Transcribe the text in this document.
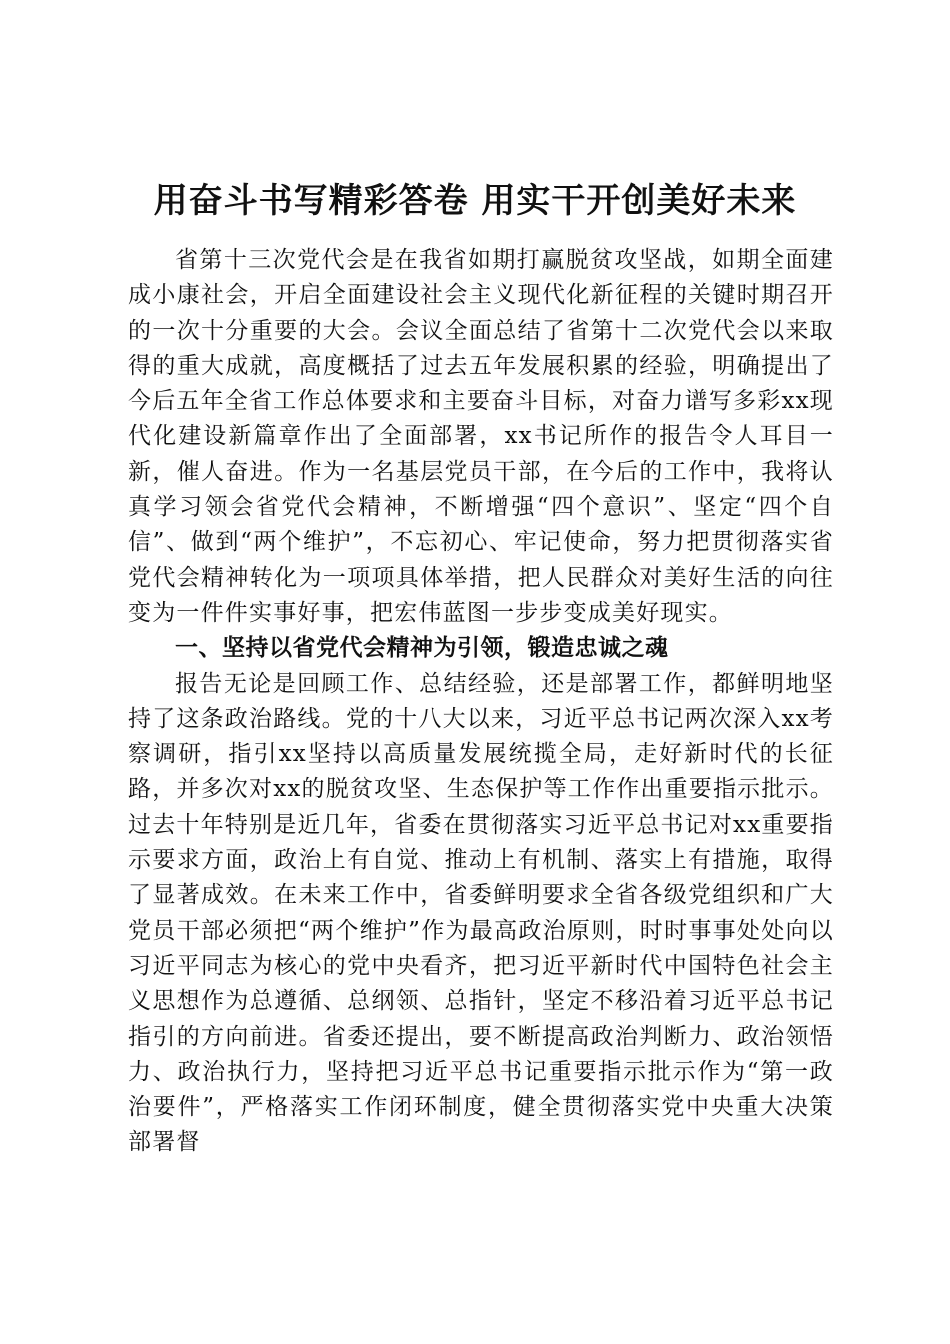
用奋斗书写精彩答卷 用实干开创美好未来

省第十三次党代会是在我省如期打赢脱贫攻坚战，如期全面建成小康社会，开启全面建设社会主义现代化新征程的关键时期召开的一次十分重要的大会。会议全面总结了省第十二次党代会以来取得的重大成就，高度概括了过去五年发展积累的经验，明确提出了今后五年全省工作总体要求和主要奋斗目标，对奋力谱写多彩xx现代化建设新篇章作出了全面部署，xx书记所作的报告令人耳目一新，催人奋进。作为一名基层党员干部，在今后的工作中，我将认真学习领会省党代会精神，不断增强“四个意识”、坚定“四个自信”、做到“两个维护”，不忘初心、牢记使命，努力把贯彻落实省党代会精神转化为一项项具体举措，把人民群众对美好生活的向往变为一件件实事好事，把宏伟蓝图一步步变成美好现实。

一、坚持以省党代会精神为引领，锻造忠诚之魂

报告无论是回顾工作、总结经验，还是部署工作，都鲜明地坚持了这条政治路线。党的十八大以来，习近平总书记两次深入xx考察调研，指引xx坚持以高质量发展统揽全局，走好新时代的长征路，并多次对xx的脱贫攻坚、生态保护等工作作出重要指示批示。过去十年特别是近几年，省委在贯彻落实习近平总书记对xx重要指示要求方面，政治上有自觉、推动上有机制、落实上有措施，取得了显著成效。在未来工作中，省委鲜明要求全省各级党组织和广大党员干部必须把“两个维护”作为最高政治原则，时时事事处处向以习近平同志为核心的党中央看齐，把习近平新时代中国特色社会主义思想作为总遵循、总纲领、总指针，坚定不移沿着习近平总书记指引的方向前进。省委还提出，要不断提高政治判断力、政治领悟力、政治执行力，坚持把习近平总书记重要指示批示作为“第一政治要件”，严格落实工作闭环制度，健全贯彻落实党中央重大决策部署督
